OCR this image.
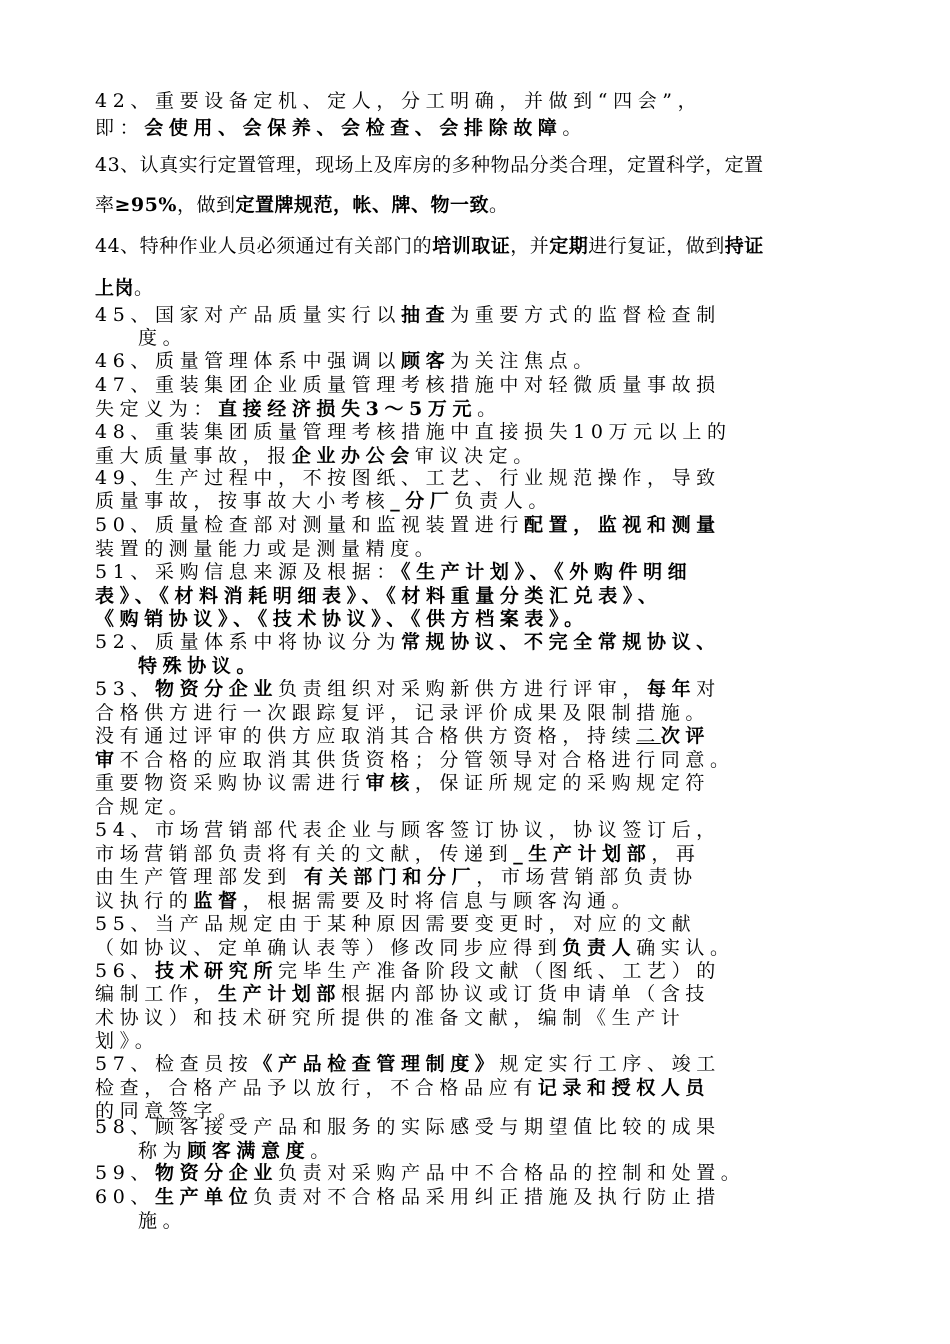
42、重要设备定机、定人，分工明确，并做到“四会”，
即：会使用、会保养、会检查、会排除故障。
43、认真实行定置管理，现场上及库房的多种物品分类合理，定置科学，定置
率≥95%，做到定置牌规范，帐、牌、物一致。
44、特种作业人员必须通过有关部门的培训取证，并定期进行复证，做到持证
上岗。
45、国家对产品质量实行以抽查为重要方式的监督检查制
度。
46、质量管理体系中强调以顾客为关注焦点。
47、重装集团企业质量管理考核措施中对轻微质量事故损
失定义为：直接经济损失3～5万元。
48、重装集团质量管理考核措施中直接损失10万元以上的
重大质量事故，报企业办公会审议决定。
49、生产过程中，不按图纸、工艺、行业规范操作，导致
质量事故，按事故大小考核_分厂负责人。
50、质量检查部对测量和监视装置进行配置，监视和测量
装置的测量能力或是测量精度。
51、采购信息来源及根据：《生产计划》、《外购件明细
表》、《材料消耗明细表》、《材料重量分类汇兑表》、
《购销协议》、《技术协议》、《供方档案表》。
52、质量体系中将协议分为常规协议、不完全常规协议、
特殊协议。
53、物资分企业负责组织对采购新供方进行评审，每年对
合格供方进行一次跟踪复评，记录评价成果及限制措施。
没有通过评审的供方应取消其合格供方资格，持续二次评
审不合格的应取消其供货资格；分管领导对合格进行同意。
重要物资采购协议需进行审核，保证所规定的采购规定符
合规定。
54、市场营销部代表企业与顾客签订协议，协议签订后，
市场营销部负责将有关的文献，传递到_生产计划部，再
由生产管理部发到 有关部门和分厂，市场营销部负责协
议执行的监督，根据需要及时将信息与顾客沟通。
55、当产品规定由于某种原因需要变更时，对应的文献
（如协议、定单确认表等）修改同步应得到负责人确实认。
56、技术研究所完毕生产准备阶段文献（图纸、工艺）的
编制工作，生产计划部根据内部协议或订货申请单（含技
术协议）和技术研究所提供的准备文献，编制《生产计
划》。
57、检查员按《产品检查管理制度》规定实行工序、竣工
检查，合格产品予以放行，不合格品应有记录和授权人员
的同意签字。
58、顾客接受产品和服务的实际感受与期望值比较的成果
称为顾客满意度。
59、物资分企业负责对采购产品中不合格品的控制和处置。
60、生产单位负责对不合格品采用纠正措施及执行防止措
施。
